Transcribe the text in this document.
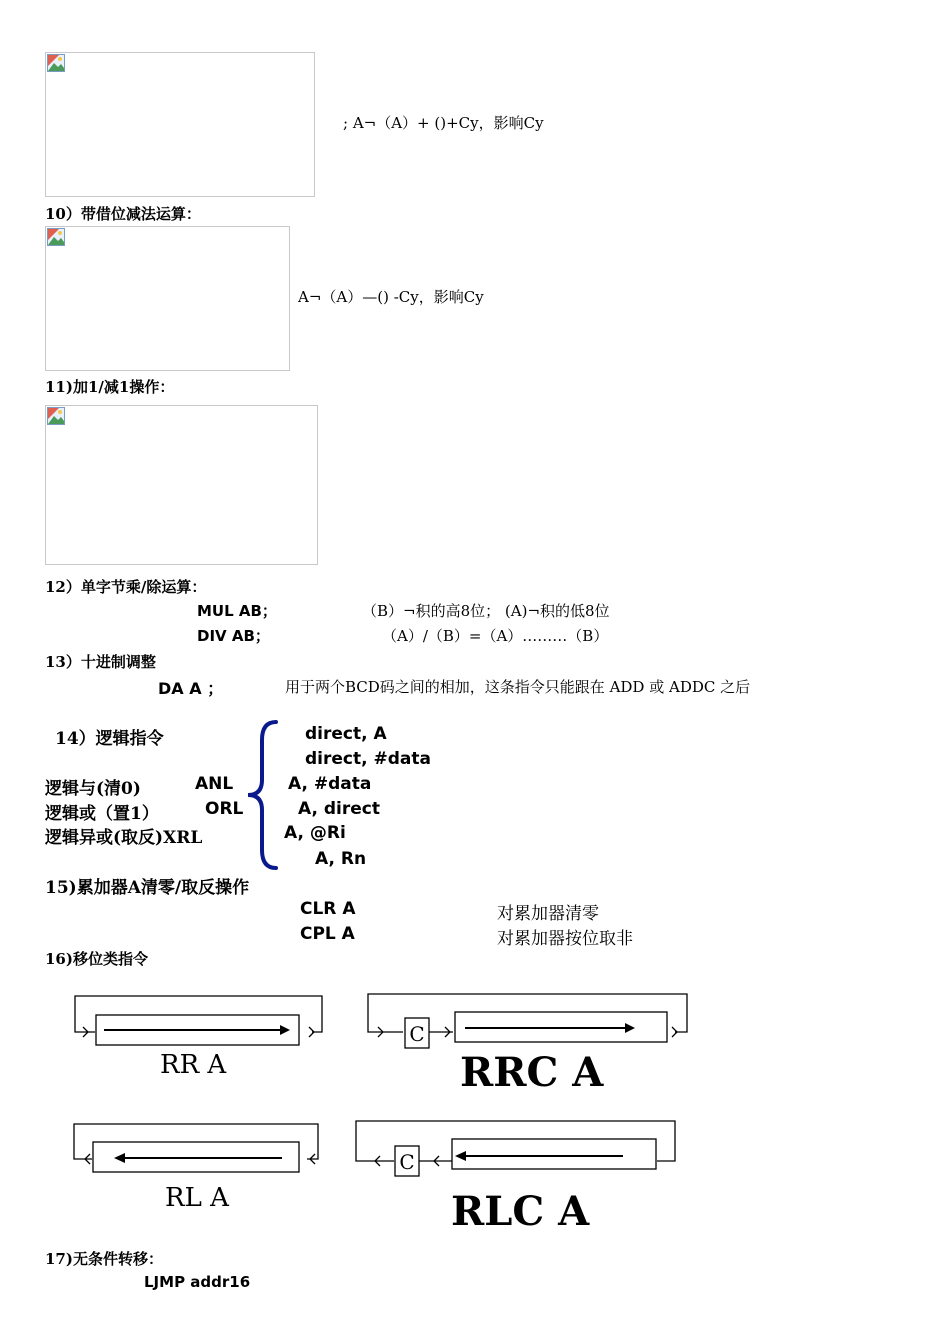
; A¬（A）+ ()+Cy，影响Cy
10）带借位减法运算：
A¬（A）—() -Cy，影响Cy
11)加1/减1操作：
12）单字节乘/除运算：
MUL AB；	（B）¬积的高8位； (A)¬积的低8位
DIV AB；	（A）/（B）=（A）………（B）
13）十进制调整
DA A ；	用于两个BCD码之间的相加，这条指令只能跟在 ADD 或 ADDC 之后
14）逻辑指令
逻辑与(清0)	ANL
逻辑或（置1）	ORL
逻辑异或(取反)XRL
direct, A
direct, #data
A, #data
A, direct
A, @Ri
A, Rn
15)累加器A清零/取反操作
CLR A	对累加器清零
CPL A	对累加器按位取非
16)移位类指令
RR A
C
RRC A
RL A
C
RLC A
17)无条件转移：
LJMP addr16
